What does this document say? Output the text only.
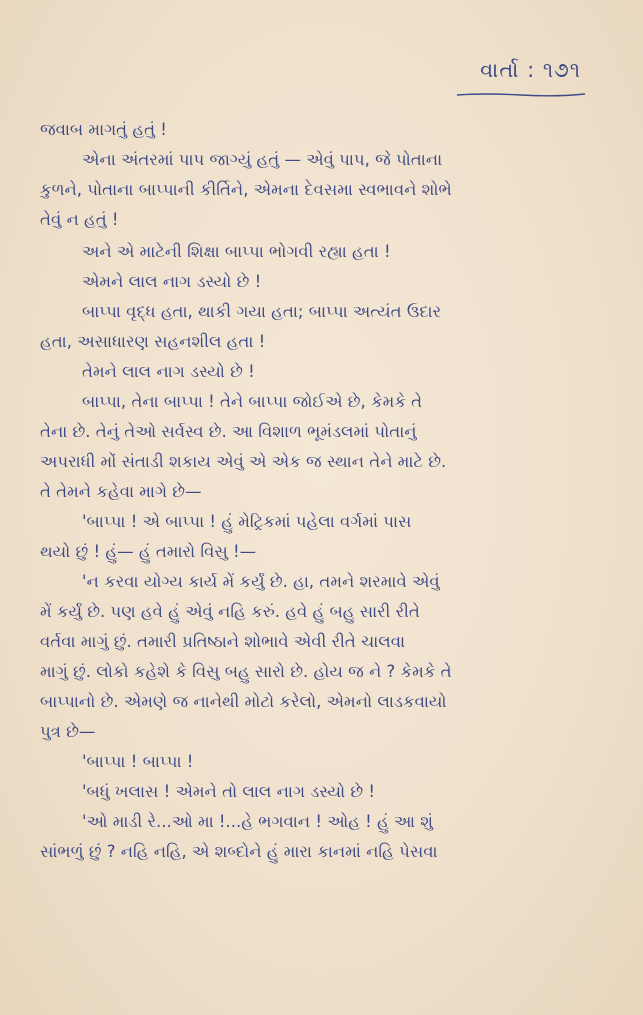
વાર્તા : ૧૭૧
જવાબ માગતું હતું !
એના અંતરમાં પાપ જાગ્યું હતું — એવું પાપ, જે પોતાના
કુળને, પોતાના બાપ્પાની કીર્તિને, એમના દેવસમા સ્વભાવને શોભે
તેવું ન હતું !
અને એ માટેની શિક્ષા બાપ્પા ભોગવી રહ્યા હતા !
એમને લાલ નાગ ડસ્યો છે !
બાપ્પા વૃદ્ધ હતા, થાકી ગયા હતા; બાપ્પા અત્યંત ઉદાર
હતા, અસાધારણ સહનશીલ હતા !
તેમને લાલ નાગ ડસ્યો છે !
બાપ્પા, તેના બાપ્પા ! તેને બાપ્પા જોઈએ છે, કેમકે તે
તેના છે. તેનું તેઓ સર્વસ્વ છે. આ વિશાળ ભૂમંડલમાં પોતાનું
અપરાધી મોં સંતાડી શકાય એવું એ એક જ સ્થાન તેને માટે છે.
તે તેમને કહેવા માગે છે—
'બાપ્પા ! એ બાપ્પા ! હું મેટ્રિકમાં પહેલા વર્ગમાં પાસ
થયો છું ! હું— હું તમારો વિસુ !—
'ન કરવા યોગ્ય કાર્ય મેં કર્યું છે. હા, તમને શરમાવે એવું
મેં કર્યું છે. પણ હવે હું એવું નહિ કરું. હવે હું બહુ સારી રીતે
વર્તવા માગું છું. તમારી પ્રતિષ્ઠાને શોભાવે એવી રીતે ચાલવા
માગું છું. લોકો કહેશે કે વિસુ બહુ સારો છે. હોય જ ને ? કેમકે તે
બાપ્પાનો છે. એમણે જ નાનેથી મોટો કરેલો, એમનો લાડકવાયો
પુત્ર છે—
'બાપ્પા ! બાપ્પા !
'બધું ખલાસ ! એમને તો લાલ નાગ ડસ્યો છે !
'ઓ માડી રે...ઓ મા !...હે ભગવાન ! ઓહ ! હું આ શું
સાંભળું છું ? નહિ નહિ, એ શબ્દોને હું મારા કાનમાં નહિ પેસવા
